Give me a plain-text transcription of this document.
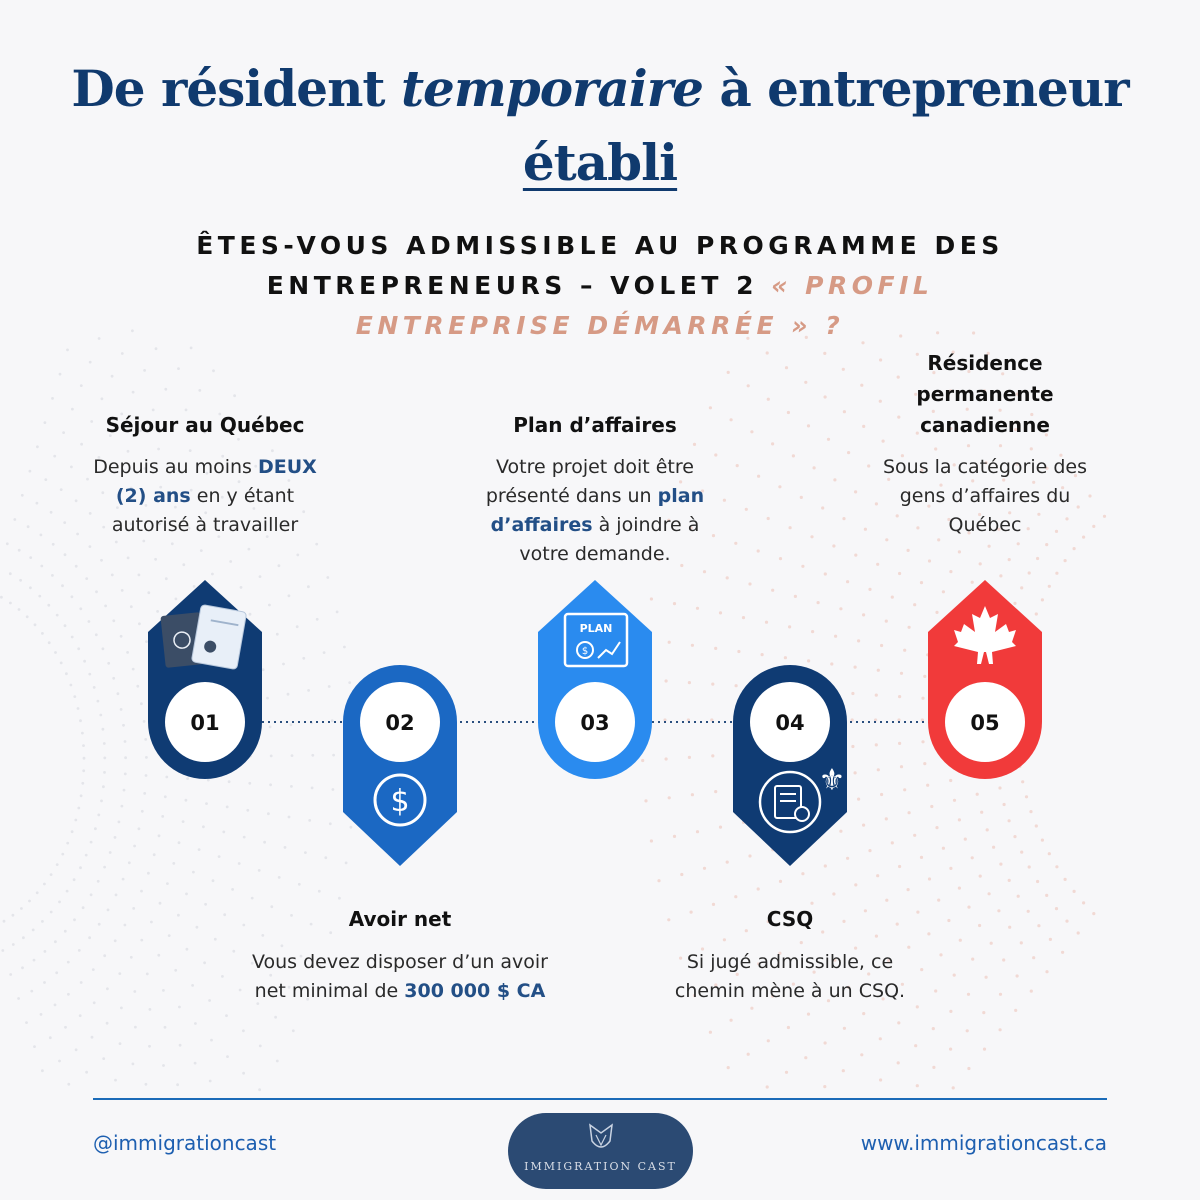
De résident temporaire à entrepreneur
établi
ÊTES-VOUS ADMISSIBLE AU PROGRAMME DES
ENTREPRENEURS – VOLET 2 « PROFIL
ENTREPRISE DÉMARRÉE » ?
Séjour au Québec
Depuis au moins DEUX
(2) ans en y étant
autorisé à travailler
Plan d’affaires
Votre projet doit être
présenté dans un plan
d’affaires à joindre à
votre demande.
Résidence
permanente
canadienne
Sous la catégorie des
gens d’affaires du
Québec
01	02
$
PLAN
$
03	04
⚜
05
Avoir net
Vous devez disposer d’un avoir
net minimal de 300 000 $ CA
CSQ
Si jugé admissible, ce
chemin mène à un CSQ.
@immigrationcast
IMMIGRATION CAST
www.immigrationcast.ca
